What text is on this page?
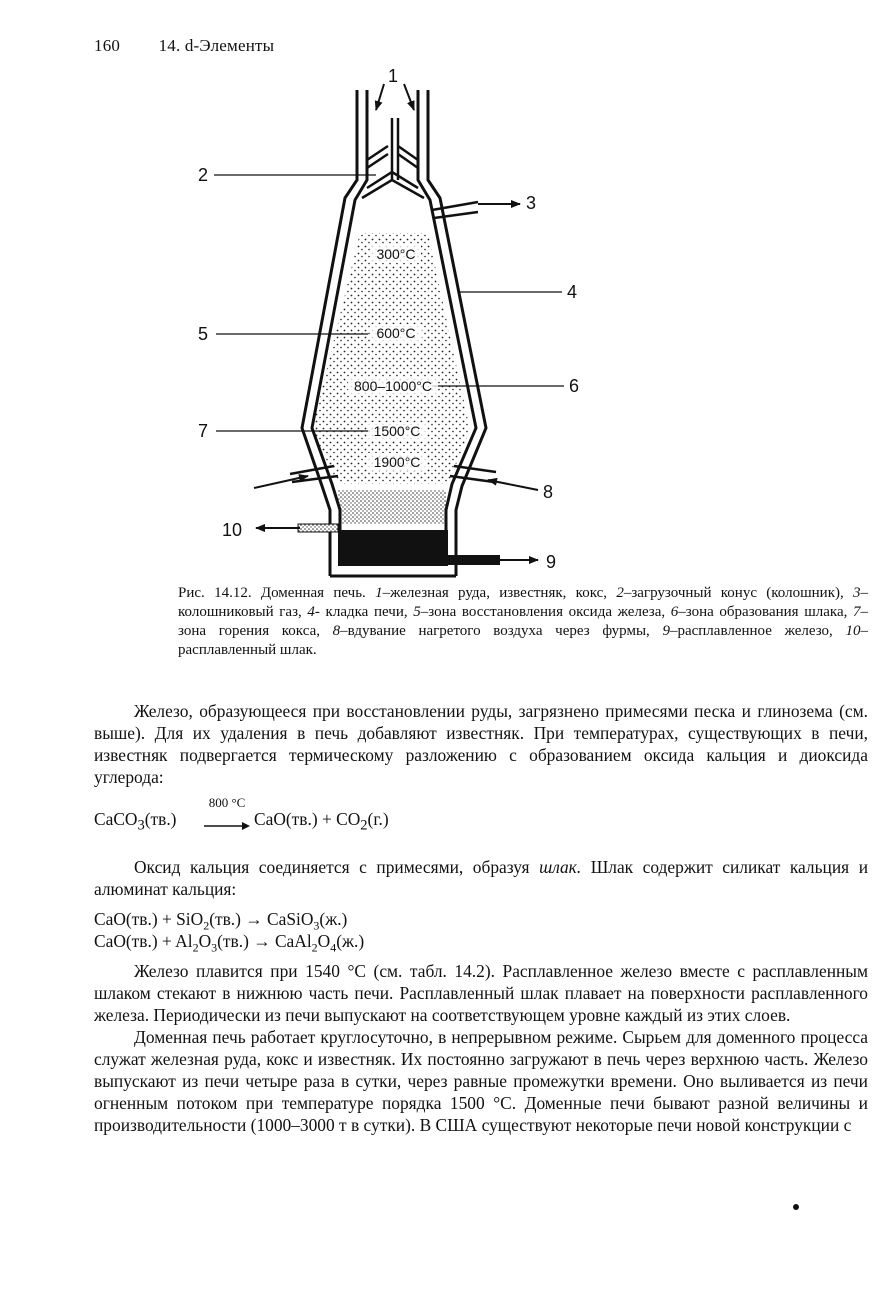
160 14. d-Элементы
1
2
3
4
5
6
7
8
9
10
300°C
600°C
800–1000°C
1500°C
1900°C
Рис. 14.12. Доменная печь. 1–железная руда, известняк, кокс, 2–загрузочный конус (колошник), 3–колошниковый газ, 4- кладка печи, 5–зона восстановления оксида железа, 6–зона образования шлака, 7–зона горения кокса, 8–вдувание нагретого воздуха через фурмы, 9–расплавленное железо, 10–расплавленный шлак.

Железо, образующееся при восстановлении руды, загрязнено примесями песка и глинозема (см. выше). Для их удаления в печь добавляют известняк. При температурах, существующих в печи, известняк подвергается термическому разложению с образованием оксида кальция и диоксида углерода:

CaCO$_3$(тв.)
800 °C
$CaO(тв.) + CO_2(г.)$

Оксид кальция соединяется с примесями, образуя шлак. Шлак содержит силикат кальция и алюминат кальция:

CaO(тв.) + SiO$_2$(тв.) → CaSiO$_3$(ж.)

$CaO(тв.) + Al_2O_3(тв.)$ → $CaAl_2O_4(ж.)$

Железо плавится при 1540 °С (см. табл. 14.2). Расплавленное железо вместе с расплавленным шлаком стекают в нижнюю часть печи. Расплавленный шлак плавает на поверхности расплавленного железа. Периодически из печи выпускают на соответствующем уровне каждый из этих слоев.

Доменная печь работает круглосуточно, в непрерывном режиме. Сырьем для доменного процесса служат железная руда, кокс и известняк. Их постоянно загружают в печь через верхнюю часть. Железо выпускают из печи четыре раза в сутки, через равные промежутки времени. Оно выливается из печи огненным потоком при температуре порядка 1500 °С. Доменные печи бывают разной величины и производительности (1000–3000 т в сутки). В США существуют некоторые печи новой конструкции с
